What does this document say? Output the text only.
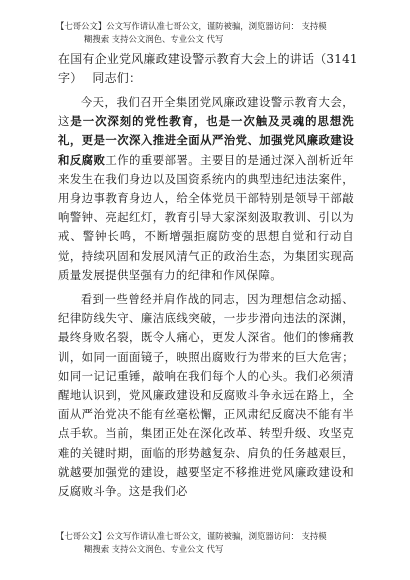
【七哥公文】公文写作请认准七哥公文，谨防被骗，浏览器访问： 支持模
糊搜索 支持公文润色、专业公文 代写
在国有企业党风廉政建设警示教育大会上的讲话（3141字） 同志们：

今天，我们召开全集团党风廉政建设警示教育大会，这是一次深刻的党性教育，也是一次触及灵魂的思想洗礼，更是一次深入推进全面从严治党、加强党风廉政建设和反腐败工作的重要部署。主要目的是通过深入剖析近年来发生在我们身边以及国资系统内的典型违纪违法案件，用身边事教育身边人，给全体党员干部特别是领导干部敲响警钟、亮起红灯，教育引导大家深刻汲取教训、引以为戒、警钟长鸣，不断增强拒腐防变的思想自觉和行动自觉，持续巩固和发展风清气正的政治生态，为集团实现高质量发展提供坚强有力的纪律和作风保障。

看到一些曾经并肩作战的同志，因为理想信念动摇、纪律防线失守、廉洁底线突破，一步步滑向违法的深渊，最终身败名裂，既令人痛心，更发人深省。他们的惨痛教训，如同一面面镜子，映照出腐败行为带来的巨大危害；如同一记记重锤，敲响在我们每个人的心头。我们必须清醒地认识到，党风廉政建设和反腐败斗争永远在路上，全面从严治党决不能有丝毫松懈，正风肃纪反腐决不能有半点手软。当前，集团正处在深化改革、转型升级、攻坚克难的关键时期，面临的形势越复杂、肩负的任务越艰巨，就越要加强党的建设，越要坚定不移推进党风廉政建设和反腐败斗争。这是我们必

【七哥公文】公文写作请认准七哥公文，谨防被骗，浏览器访问： 支持模
糊搜索 支持公文润色、专业公文 代写
